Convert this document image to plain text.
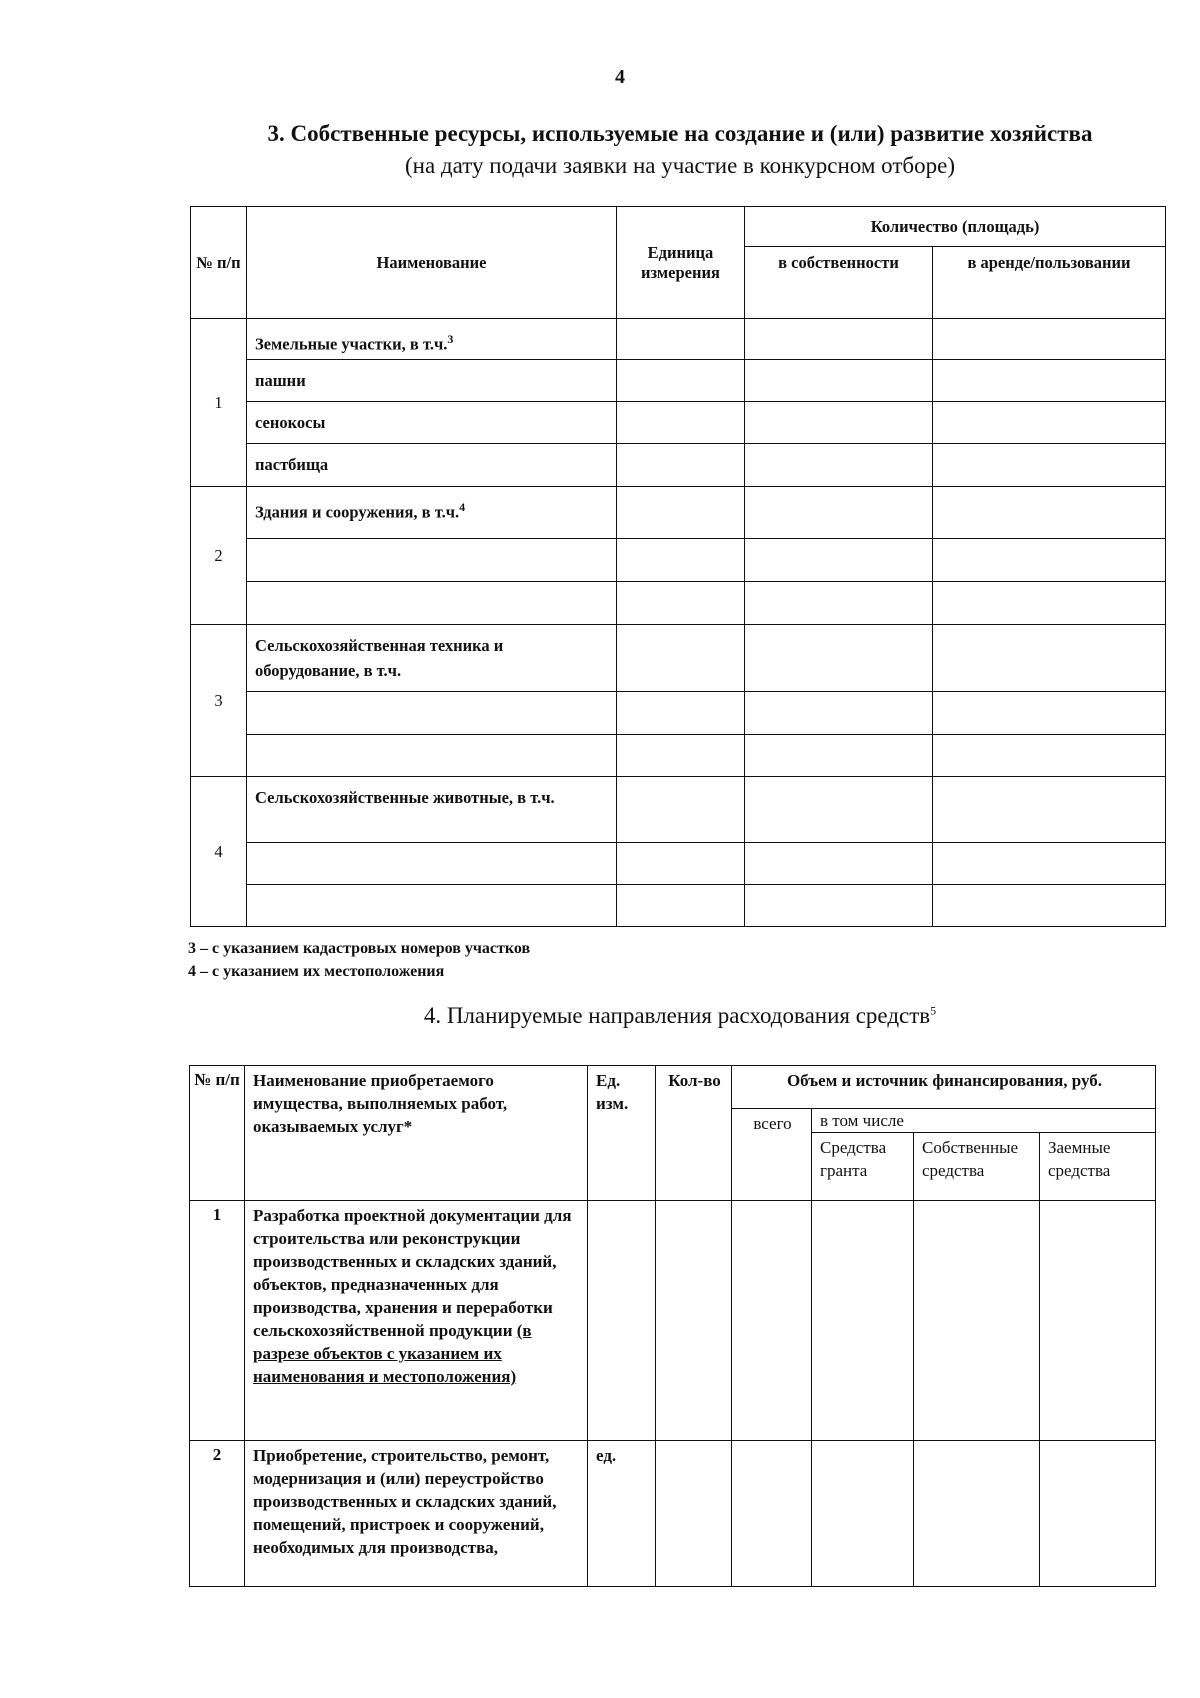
4
3. Собственные ресурсы, используемые на создание и (или) развитие хозяйства
(на дату подачи заявки на участие в конкурсном отборе)
№ п/п	Наименование	Единица измерения	Количество (площадь)	
			в собственности	в аренде/пользовании
1	Земельные участки, в т.ч.$^3$			
	пашни			
	сенокосы			
	пастбища			
2	Здания и сооружения, в т.ч.$^4$			

3	Сельскохозяйственная техника и оборудование, в т.ч.			

4	Сельскохозяйственные животные, в т.ч.			

3 – с указанием кадастровых номеров участков
4 – с указанием их местоположения
4. Планируемые направления расходования средств$^5$
№ п/п	Наименование приобретаемого имущества, выполняемых работ, оказываемых услуг*	Ед. изм.	Кол-во	Объем и источник финансирования, руб.			
				всего	в том числе		
					Средства гранта	Собственные средства	Заемные средства
1	Разработка проектной документации для строительства или реконструкции производственных и складских зданий, объектов, предназначенных для производства, хранения и переработки сельскохозяйственной продукции (в разрезе объектов с указанием их наименования и местоположения)						
2	Приобретение, строительство, ремонт, модернизация и (или) переустройство производственных и складских зданий, помещений, пристроек и сооружений, необходимых для производства,	ед.					
